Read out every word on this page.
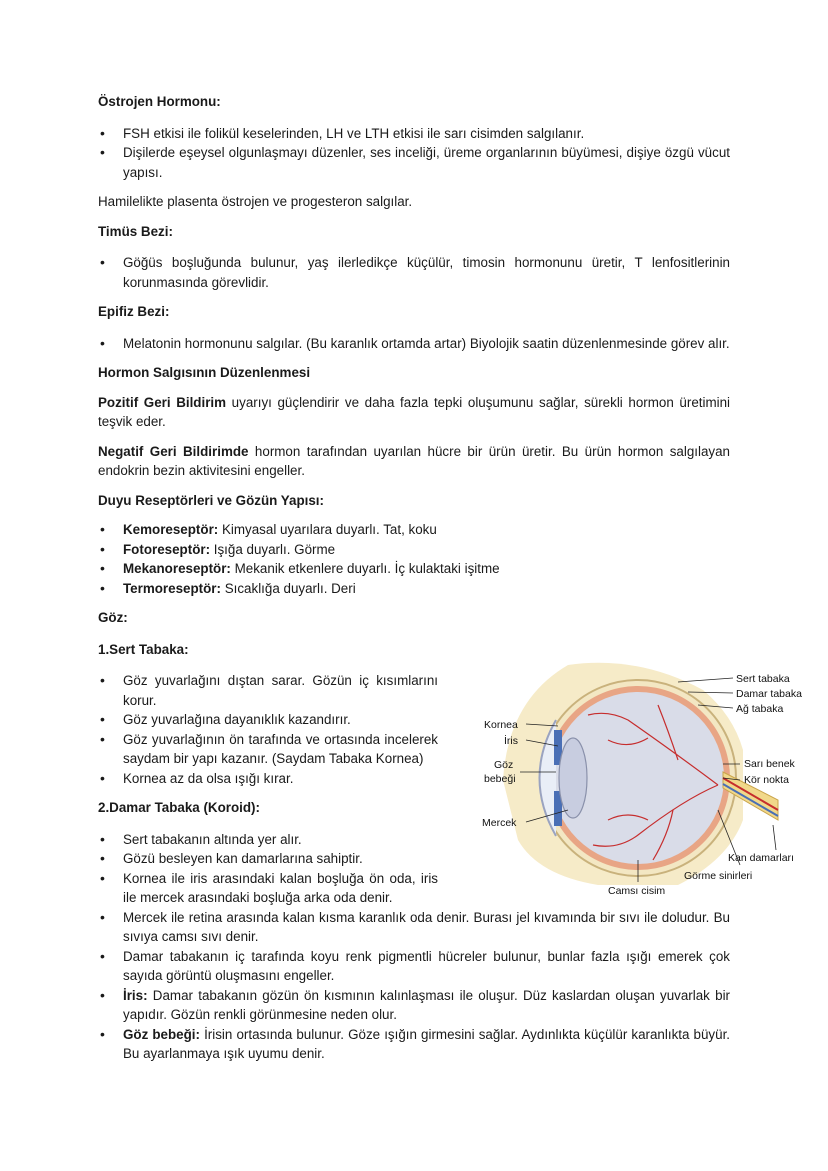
Östrojen Hormonu:

• FSH etkisi ile folikül keselerinden, LH ve LTH etkisi ile sarı cisimden salgılanır.
• Dişilerde eşeysel olgunlaşmayı düzenler, ses inceliği, üreme organlarının büyümesi, dişiye özgü vücut yapısı.

Hamilelikte plasenta östrojen ve progesteron salgılar.

Timüs Bezi:

• Göğüs boşluğunda bulunur, yaş ilerledikçe küçülür, timosin hormonunu üretir, T lenfositlerinin korunmasında görevlidir.

Epifiz Bezi:

• Melatonin hormonunu salgılar. (Bu karanlık ortamda artar) Biyolojik saatin düzenlenmesinde görev alır.

Hormon Salgısının Düzenlenmesi

Pozitif Geri Bildirim uyarıyı güçlendirir ve daha fazla tepki oluşumunu sağlar, sürekli hormon üretimini teşvik eder.

Negatif Geri Bildirimde hormon tarafından uyarılan hücre bir ürün üretir. Bu ürün hormon salgılayan endokrin bezin aktivitesini engeller.

Duyu Reseptörleri ve Gözün Yapısı:

• Kemoreseptör: Kimyasal uyarılara duyarlı. Tat, koku
• Fotoreseptör: Işığa duyarlı. Görme
• Mekanoreseptör: Mekanik etkenlere duyarlı. İç kulaktaki işitme
• Termoreseptör: Sıcaklığa duyarlı. Deri

Göz:

1.Sert Tabaka:

• Göz yuvarlağını dıştan sarar. Gözün iç kısımlarını korur.
• Göz yuvarlağına dayanıklık kazandırır.
• Göz yuvarlağının ön tarafında ve ortasında incelerek saydam bir yapı kazanır. (Saydam Tabaka Kornea)
• Kornea az da olsa ışığı kırar.

2.Damar Tabaka (Koroid):

• Sert tabakanın altında yer alır.
• Gözü besleyen kan damarlarına sahiptir.
• Kornea ile iris arasındaki kalan boşluğa ön oda, iris ile mercek arasındaki boşluğa arka oda denir.
• Mercek ile retina arasında kalan kısma karanlık oda denir. Burası jel kıvamında bir sıvı ile doludur. Bu sıvıya camsı sıvı denir.
• Damar tabakanın iç tarafında koyu renk pigmentli hücreler bulunur, bunlar fazla ışığı emerek çok sayıda görüntü oluşmasını engeller.
• İris: Damar tabakanın gözün ön kısmının kalınlaşması ile oluşur. Düz kaslardan oluşan yuvarlak bir yapıdır. Gözün renkli görünmesine neden olur.
• Göz bebeği: İrisin ortasında bulunur. Göze ışığın girmesini sağlar. Aydınlıkta küçülür karanlıkta büyür. Bu ayarlanmaya ışık uyumu denir.
Sert tabaka
Damar tabaka
Ağ tabaka
Kornea
İris
Göz
bebeği
Mercek
Sarı benek
Kör nokta
Kan damarları
Görme sinirleri
Camsı cisim
